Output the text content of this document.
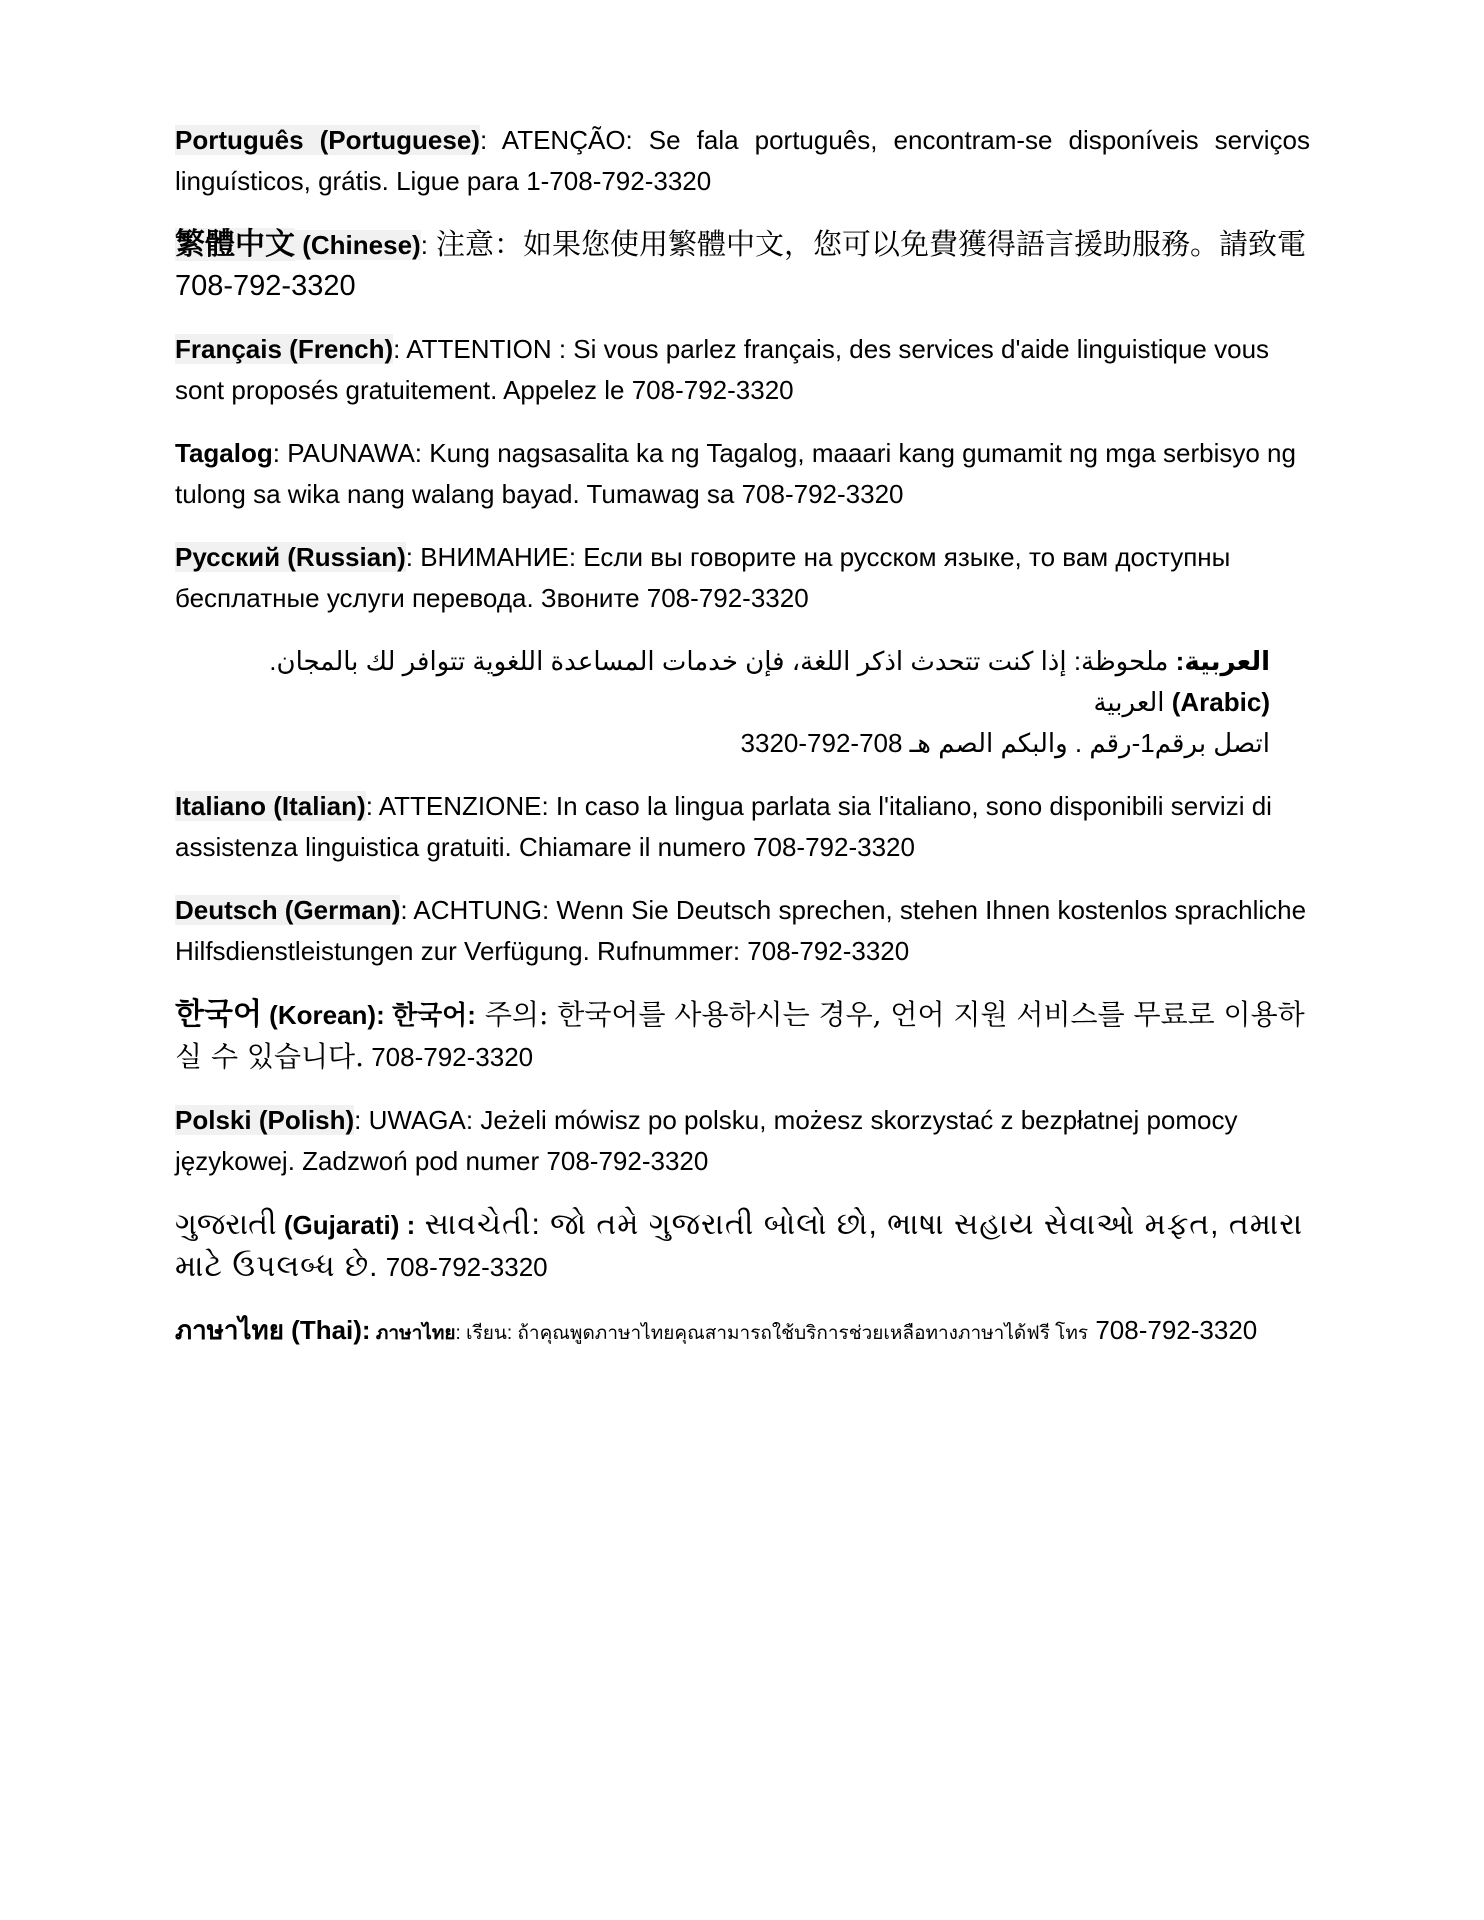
Português (Portuguese): ATENÇÃO: Se fala português, encontram-se disponíveis serviços linguísticos, grátis. Ligue para 1-708-792-3320

繁體中文 (Chinese): 注意：如果您使用繁體中文，您可以免費獲得語言援助服務。請致電 708-792-3320

Français (French): ATTENTION : Si vous parlez français, des services d'aide linguistique vous sont proposés gratuitement. Appelez le 708-792-3320

Tagalog: PAUNAWA: Kung nagsasalita ka ng Tagalog, maaari kang gumamit ng mga serbisyo ng tulong sa wika nang walang bayad. Tumawag sa 708-792-3320

Русский (Russian): ВНИМАНИЕ: Если вы говорите на русском языке, то вам доступны бесплатные услуги перевода. Звоните 708-792-3320

العربية: ملحوظة: إذا كنت تتحدث اذكر اللغة، فإن خدمات المساعدة اللغوية تتوافر لك بالمجان. (Arabic) العربية
اتصل برقم1-رقم . والبكم الصم هـ 3320-792-708

Italiano (Italian): ATTENZIONE: In caso la lingua parlata sia l'italiano, sono disponibili servizi di assistenza linguistica gratuiti. Chiamare il numero 708-792-3320

Deutsch (German): ACHTUNG: Wenn Sie Deutsch sprechen, stehen Ihnen kostenlos sprachliche Hilfsdienstleistungen zur Verfügung. Rufnummer: 708-792-3320

한국어 (Korean): 한국어: 주의: 한국어를 사용하시는 경우, 언어 지원 서비스를 무료로 이용하실 수 있습니다. 708-792-3320

Polski (Polish): UWAGA: Jeżeli mówisz po polsku, możesz skorzystać z bezpłatnej pomocy językowej. Zadzwoń pod numer 708-792-3320

ગુજરાતી (Gujarati) : સાવચેતી: જો તમે ગુજરાતી બોલો છો, ભાષા સહાય સેવાઓ મફત, તમારા માટે ઉપલબ્ધ છે. 708-792-3320

ภาษาไทย (Thai): ภาษาไทย: เรียน: ถ้าคุณพูดภาษาไทยคุณสามารถใช้บริการช่วยเหลือทางภาษาได้ฟรี โทร 708-792-3320
